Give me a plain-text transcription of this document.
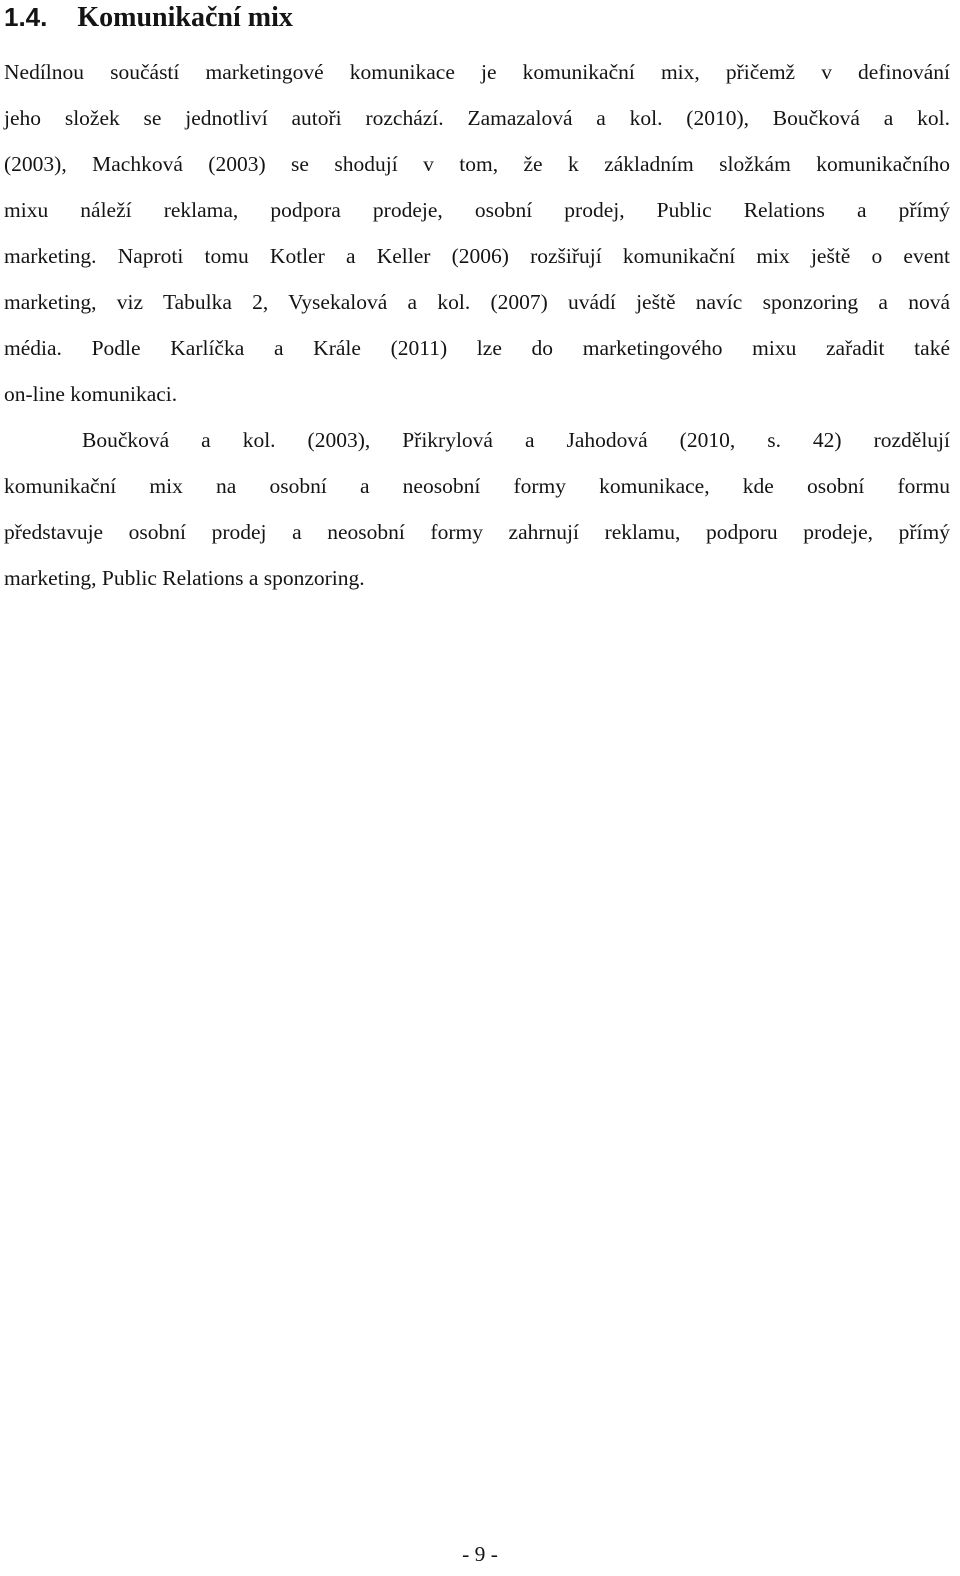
1.4. Komunikační mix
Nedílnou součástí marketingové komunikace je komunikační mix, přičemž v definování
jeho složek se jednotliví autoři rozchází. Zamazalová a kol. (2010), Boučková a kol.
(2003), Machková (2003) se shodují v tom, že k základním složkám komunikačního
mixu náleží reklama, podpora prodeje, osobní prodej, Public Relations a přímý
marketing. Naproti tomu Kotler a Keller (2006) rozšiřují komunikační mix ještě o event
marketing, viz Tabulka 2, Vysekalová a kol. (2007) uvádí ještě navíc sponzoring a nová
média. Podle Karlíčka a Krále (2011) lze do marketingového mixu zařadit také
on-line komunikaci.
Boučková a kol. (2003), Přikrylová a Jahodová (2010, s. 42) rozdělují
komunikační mix na osobní a neosobní formy komunikace, kde osobní formu
představuje osobní prodej a neosobní formy zahrnují reklamu, podporu prodeje, přímý
marketing, Public Relations a sponzoring.
- 9 -
